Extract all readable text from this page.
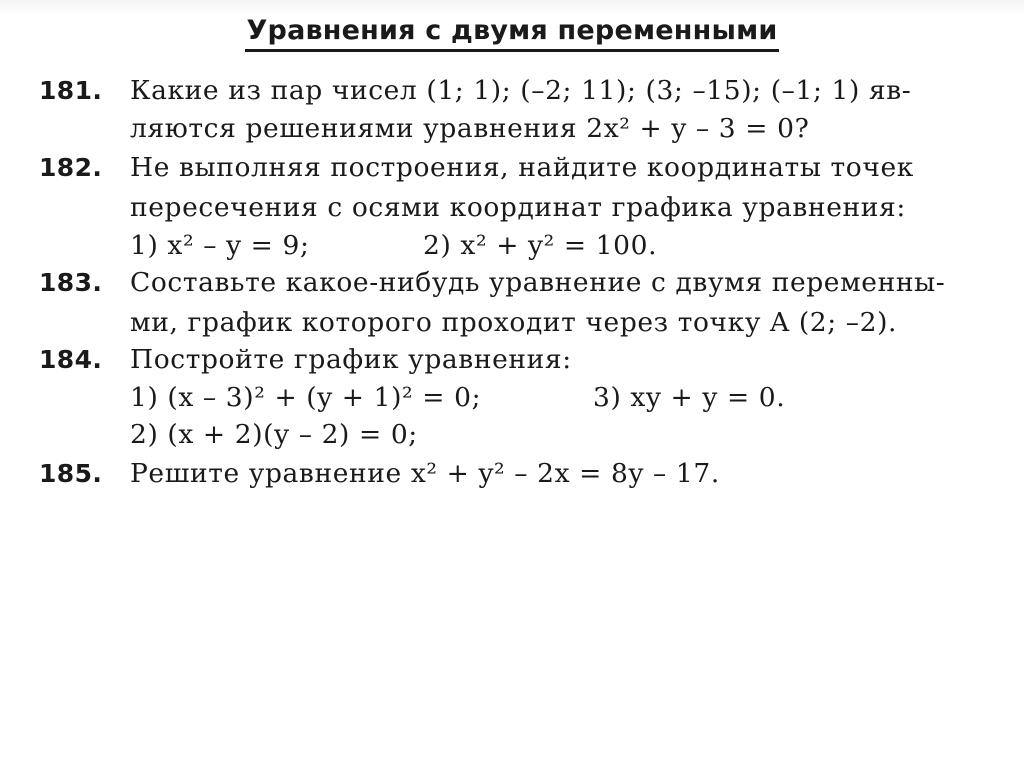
Уравнения с двумя переменными
181. Какие из пар чисел (1; 1); (–2; 11); (3; –15); (–1; 1) яв-
ляются решениями уравнения 2x² + y – 3 = 0?
182. Не выполняя построения, найдите координаты точек
пересечения с осями координат графика уравнения:
1) x² – y = 9;	2) x² + y² = 100.
183. Составьте какое-нибудь уравнение с двумя переменны-
ми, график которого проходит через точку A (2; –2).
184. Постройте график уравнения:
1) (x – 3)² + (y + 1)² = 0;	3) xy + y = 0.
2) (x + 2)(y – 2) = 0;
185. Решите уравнение x² + y² – 2x = 8y – 17.
